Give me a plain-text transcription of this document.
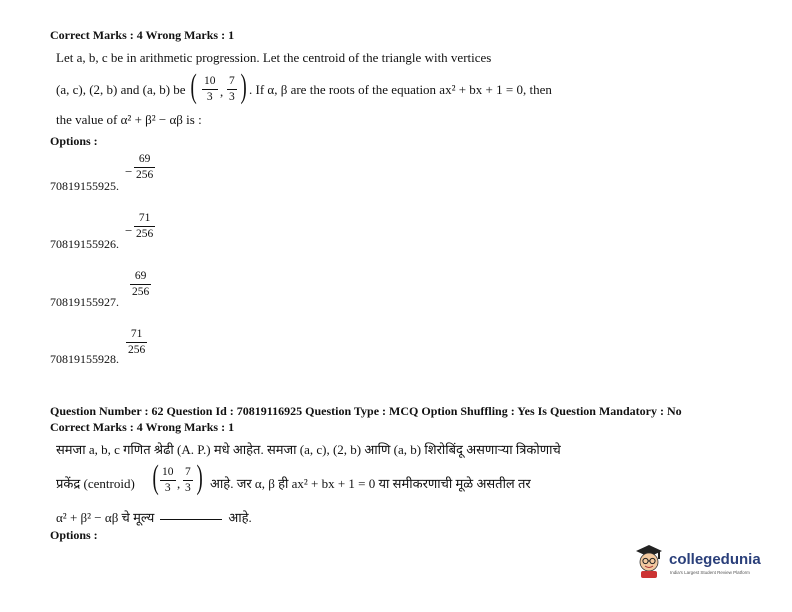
Correct Marks : 4 Wrong Marks : 1
Let a, b, c be in arithmetic progression. Let the centroid of the triangle with vertices
(a, c), (2, b) and (a, b) be ( 10
3 ,
7
3 ) . If α, β are the roots of the equation ax² + bx + 1 = 0, then
the value of α² + β² − αβ is :
Options :
−
69
256
70819155925.
−
71
256
70819155926.
69
256
70819155927.
71
256
70819155928.
Question Number : 62 Question Id : 70819116925 Question Type : MCQ Option Shuffling : Yes Is Question Mandatory : No
Correct Marks : 4 Wrong Marks : 1
समजा a, b, c गणित श्रेढी (A. P.) मधे आहेत. समजा (a, c), (2, b) आणि (a, b) शिरोबिंदू असणाऱ्या त्रिकोणाचे
प्रकेंद्र (centroid) ( 10
3 ,
7
3 ) आहे. जर α, β ही ax² + bx + 1 = 0 या समीकरणाची मूळे असतील तर
α² + β² − αβ चे मूल्य	आहे.
Options :
collegedunia
India's Largest Student Review Platform
